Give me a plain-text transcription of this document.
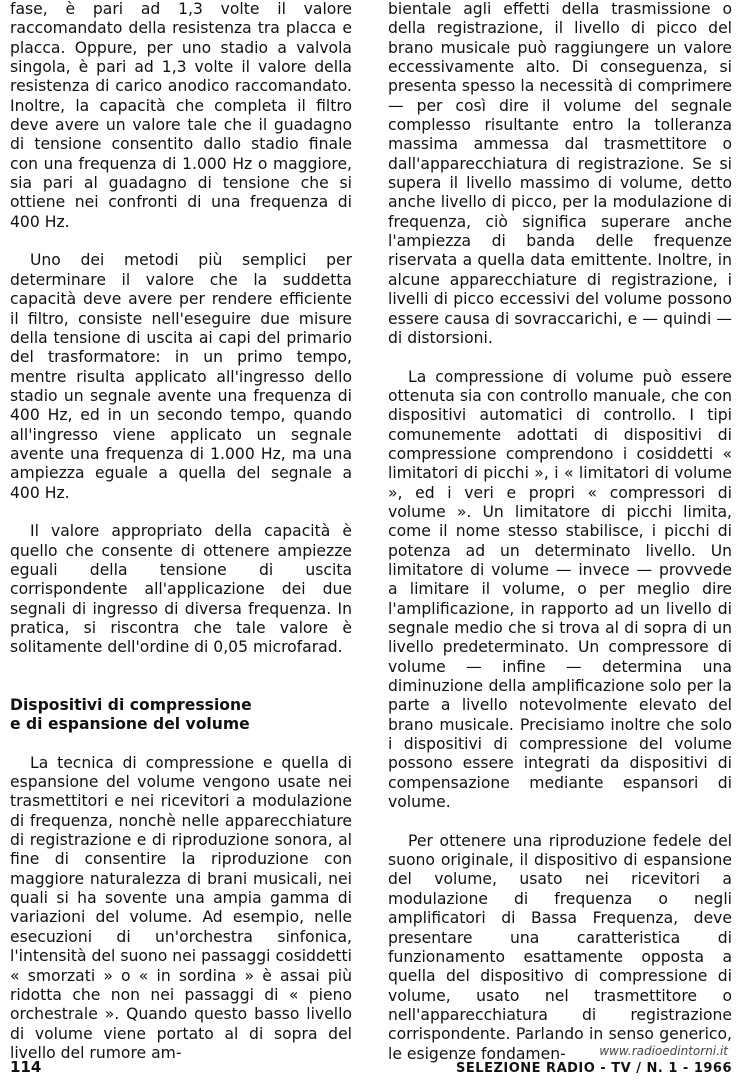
fase, è pari ad 1,3 volte il valore raccomandato della resistenza tra placca e placca. Oppure, per uno stadio a valvola singola, è pari ad 1,3 volte il valore della resistenza di carico anodico raccomandato. Inoltre, la capacità che completa il filtro deve avere un valore tale che il guadagno di tensione consentito dallo stadio finale con una frequenza di 1.000 Hz o maggiore, sia pari al guadagno di tensione che si ottiene nei confronti di una frequenza di 400 Hz.

Uno dei metodi più semplici per determinare il valore che la suddetta capacità deve avere per rendere efficiente il filtro, consiste nell'eseguire due misure della tensione di uscita ai capi del primario del trasformatore: in un primo tempo, mentre risulta applicato all'ingresso dello stadio un segnale avente una frequenza di 400 Hz, ed in un secondo tempo, quando all'ingresso viene applicato un segnale avente una frequenza di 1.000 Hz, ma una ampiezza eguale a quella del segnale a 400 Hz.

Il valore appropriato della capacità è quello che consente di ottenere ampiezze eguali della tensione di uscita corrispondente all'applicazione dei due segnali di ingresso di diversa frequenza. In pratica, si riscontra che tale valore è solitamente dell'ordine di 0,05 microfarad.

Dispositivi di compressione
e di espansione del volume

La tecnica di compressione e quella di espansione del volume vengono usate nei trasmettitori e nei ricevitori a modulazione di frequenza, nonchè nelle apparecchiature di registrazione e di riproduzione sonora, al fine di consentire la riproduzione con maggiore naturalezza di brani musicali, nei quali si ha sovente una ampia gamma di variazioni del volume. Ad esempio, nelle esecuzioni di un'orchestra sinfonica, l'intensità del suono nei passaggi cosiddetti « smorzati » o « in sordina » è assai più ridotta che non nei passaggi di « pieno orchestrale ». Quando questo basso livello di volume viene portato al di sopra del livello del rumore am-

bientale agli effetti della trasmissione o della registrazione, il livello di picco del brano musicale può raggiungere un valore eccessivamente alto. Di conseguenza, si presenta spesso la necessità di comprimere — per così dire il volume del segnale complesso risultante entro la tolleranza massima ammessa dal trasmettitore o dall'apparecchiatura di registrazione. Se si supera il livello massimo di volume, detto anche livello di picco, per la modulazione di frequenza, ciò significa superare anche l'ampiezza di banda delle frequenze riservata a quella data emittente. Inoltre, in alcune apparecchiature di registrazione, i livelli di picco eccessivi del volume possono essere causa di sovraccarichi, e — quindi — di distorsioni.

La compressione di volume può essere ottenuta sia con controllo manuale, che con dispositivi automatici di controllo. I tipi comunemente adottati di dispositivi di compressione comprendono i cosiddetti « limitatori di picchi », i « limitatori di volume », ed i veri e propri « compressori di volume ». Un limitatore di picchi limita, come il nome stesso stabilisce, i picchi di potenza ad un determinato livello. Un limitatore di volume — invece — provvede a limitare il volume, o per meglio dire l'amplificazione, in rapporto ad un livello di segnale medio che si trova al di sopra di un livello predeterminato. Un compressore di volume — infine — determina una diminuzione della amplificazione solo per la parte a livello notevolmente elevato del brano musicale. Precisiamo inoltre che solo i dispositivi di compressione del volume possono essere integrati da dispositivi di compensazione mediante espansori di volume.

Per ottenere una riproduzione fedele del suono originale, il dispositivo di espansione del volume, usato nei ricevitori a modulazione di frequenza o negli amplificatori di Bassa Frequenza, deve presentare una caratteristica di funzionamento esattamente opposta a quella del dispositivo di compressione di volume, usato nel trasmettitore o nell'apparecchiatura di registrazione corrispondente. Parlando in senso generico, le esigenze fondamen-	www.radioedintorni.it
114	SELEZIONE RADIO - TV / N. 1 - 1966
